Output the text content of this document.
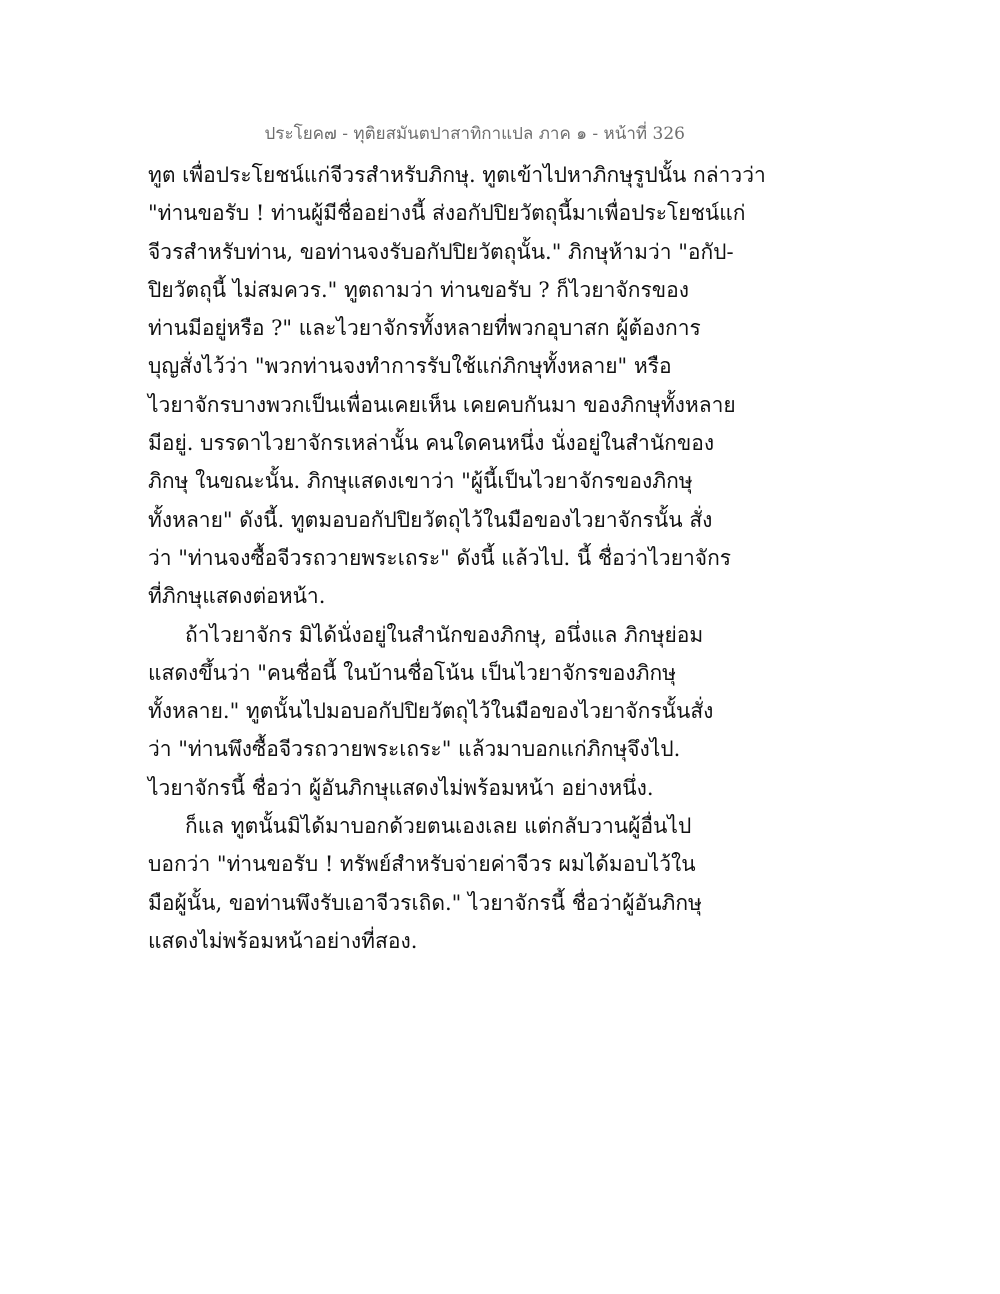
ประโยค๗ - ทุติยสมันตปาสาทิกาแปล ภาค ๑ - หน้าที่ 326
ทูต เพื่อประโยชน์แก่จีวรสำหรับภิกษุ. ทูตเข้าไปหาภิกษุรูปนั้น กล่าวว่า
"ท่านขอรับ ! ท่านผู้มีชื่ออย่างนี้ ส่งอกัปปิยวัตถุนี้มาเพื่อประโยชน์แก่
จีวรสำหรับท่าน, ขอท่านจงรับอกัปปิยวัตถุนั้น." ภิกษุห้ามว่า "อกัป-
ปิยวัตถุนี้ ไม่สมควร." ทูตถามว่า ท่านขอรับ ? ก็ไวยาจักรของ
ท่านมีอยู่หรือ ?" และไวยาจักรทั้งหลายที่พวกอุบาสก ผู้ต้องการ
บุญสั่งไว้ว่า "พวกท่านจงทำการรับใช้แก่ภิกษุทั้งหลาย" หรือ
ไวยาจักรบางพวกเป็นเพื่อนเคยเห็น เคยคบกันมา ของภิกษุทั้งหลาย
มีอยู่. บรรดาไวยาจักรเหล่านั้น คนใดคนหนึ่ง นั่งอยู่ในสำนักของ
ภิกษุ ในขณะนั้น. ภิกษุแสดงเขาว่า "ผู้นี้เป็นไวยาจักรของภิกษุ
ทั้งหลาย" ดังนี้. ทูตมอบอกัปปิยวัตถุไว้ในมือของไวยาจักรนั้น สั่ง
ว่า "ท่านจงซื้อจีวรถวายพระเถระ" ดังนี้ แล้วไป. นี้ ชื่อว่าไวยาจักร
ที่ภิกษุแสดงต่อหน้า.
ถ้าไวยาจักร มิได้นั่งอยู่ในสำนักของภิกษุ, อนึ่งแล ภิกษุย่อม
แสดงขึ้นว่า "คนชื่อนี้ ในบ้านชื่อโน้น เป็นไวยาจักรของภิกษุ
ทั้งหลาย." ทูตนั้นไปมอบอกัปปิยวัตถุไว้ในมือของไวยาจักรนั้นสั่ง
ว่า "ท่านพึงซื้อจีวรถวายพระเถระ" แล้วมาบอกแก่ภิกษุจึงไป.
ไวยาจักรนี้ ชื่อว่า ผู้อันภิกษุแสดงไม่พร้อมหน้า อย่างหนึ่ง.
ก็แล ทูตนั้นมิได้มาบอกด้วยตนเองเลย แต่กลับวานผู้อื่นไป
บอกว่า "ท่านขอรับ ! ทรัพย์สำหรับจ่ายค่าจีวร ผมได้มอบไว้ใน
มือผู้นั้น, ขอท่านพึงรับเอาจีวรเถิด." ไวยาจักรนี้ ชื่อว่าผู้อันภิกษุ
แสดงไม่พร้อมหน้าอย่างที่สอง.
